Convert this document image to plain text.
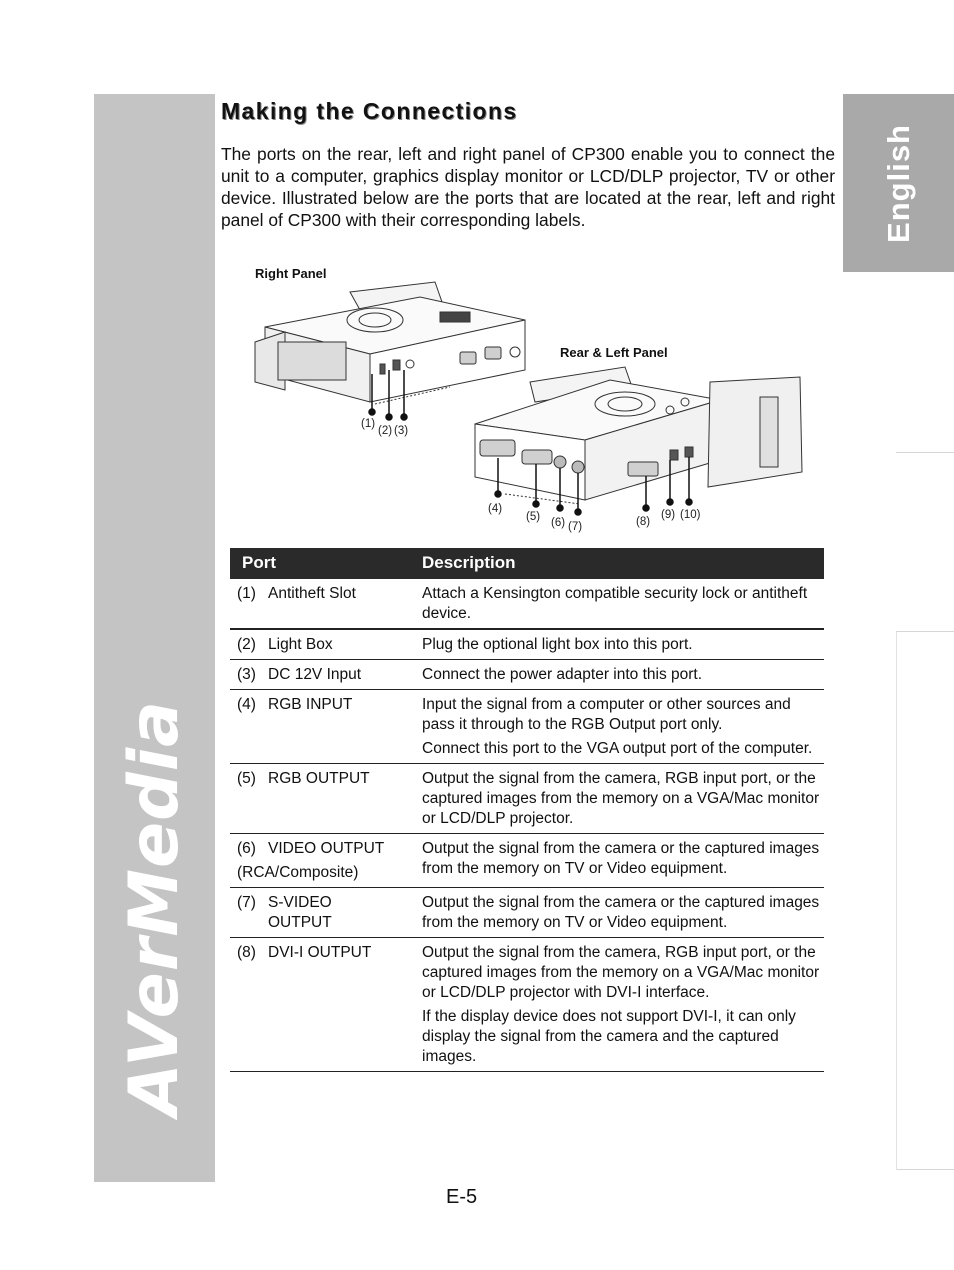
AVerMedia
English
Making the Connections

The ports on the rear, left and right panel of CP300 enable you to connect the unit to a computer, graphics display monitor or LCD/DLP projector, TV or other device. Illustrated below are the ports that are located at the rear, left and right panel of CP300 with their corresponding labels.

Right Panel
Rear & Left Panel
(1)
(2) (3)
(4)
(5) (6) (7)	(8)
(9) (10)
Port	Description
(1) Antitheft Slot	Attach a Kensington compatible security lock or antitheft device.

(2) Light Box	Plug the optional light box into this port.

(3) DC 12V Input	Connect the power adapter into this port.

(4) RGB INPUT	Input the signal from a computer or other sources and pass it through to the RGB Output port only.

Connect this port to the VGA output port of the computer.

(5) RGB OUTPUT	Output the signal from the camera, RGB input port, or the captured images from the memory on a VGA/Mac monitor or LCD/DLP projector.

(6) VIDEO OUTPUT
(RCA/Composite)

Output the signal from the camera or the captured images from the memory on TV or Video equipment.

(7) S-VIDEO
OUTPUT

Output the signal from the camera or the captured images from the memory on TV or Video equipment.

(8) DVI-I OUTPUT	Output the signal from the camera, RGB input port, or the captured images from the memory on a VGA/Mac monitor or LCD/DLP projector with DVI-I interface.

If the display device does not support DVI-I, it can only display the signal from the camera and the captured images.

E-5
